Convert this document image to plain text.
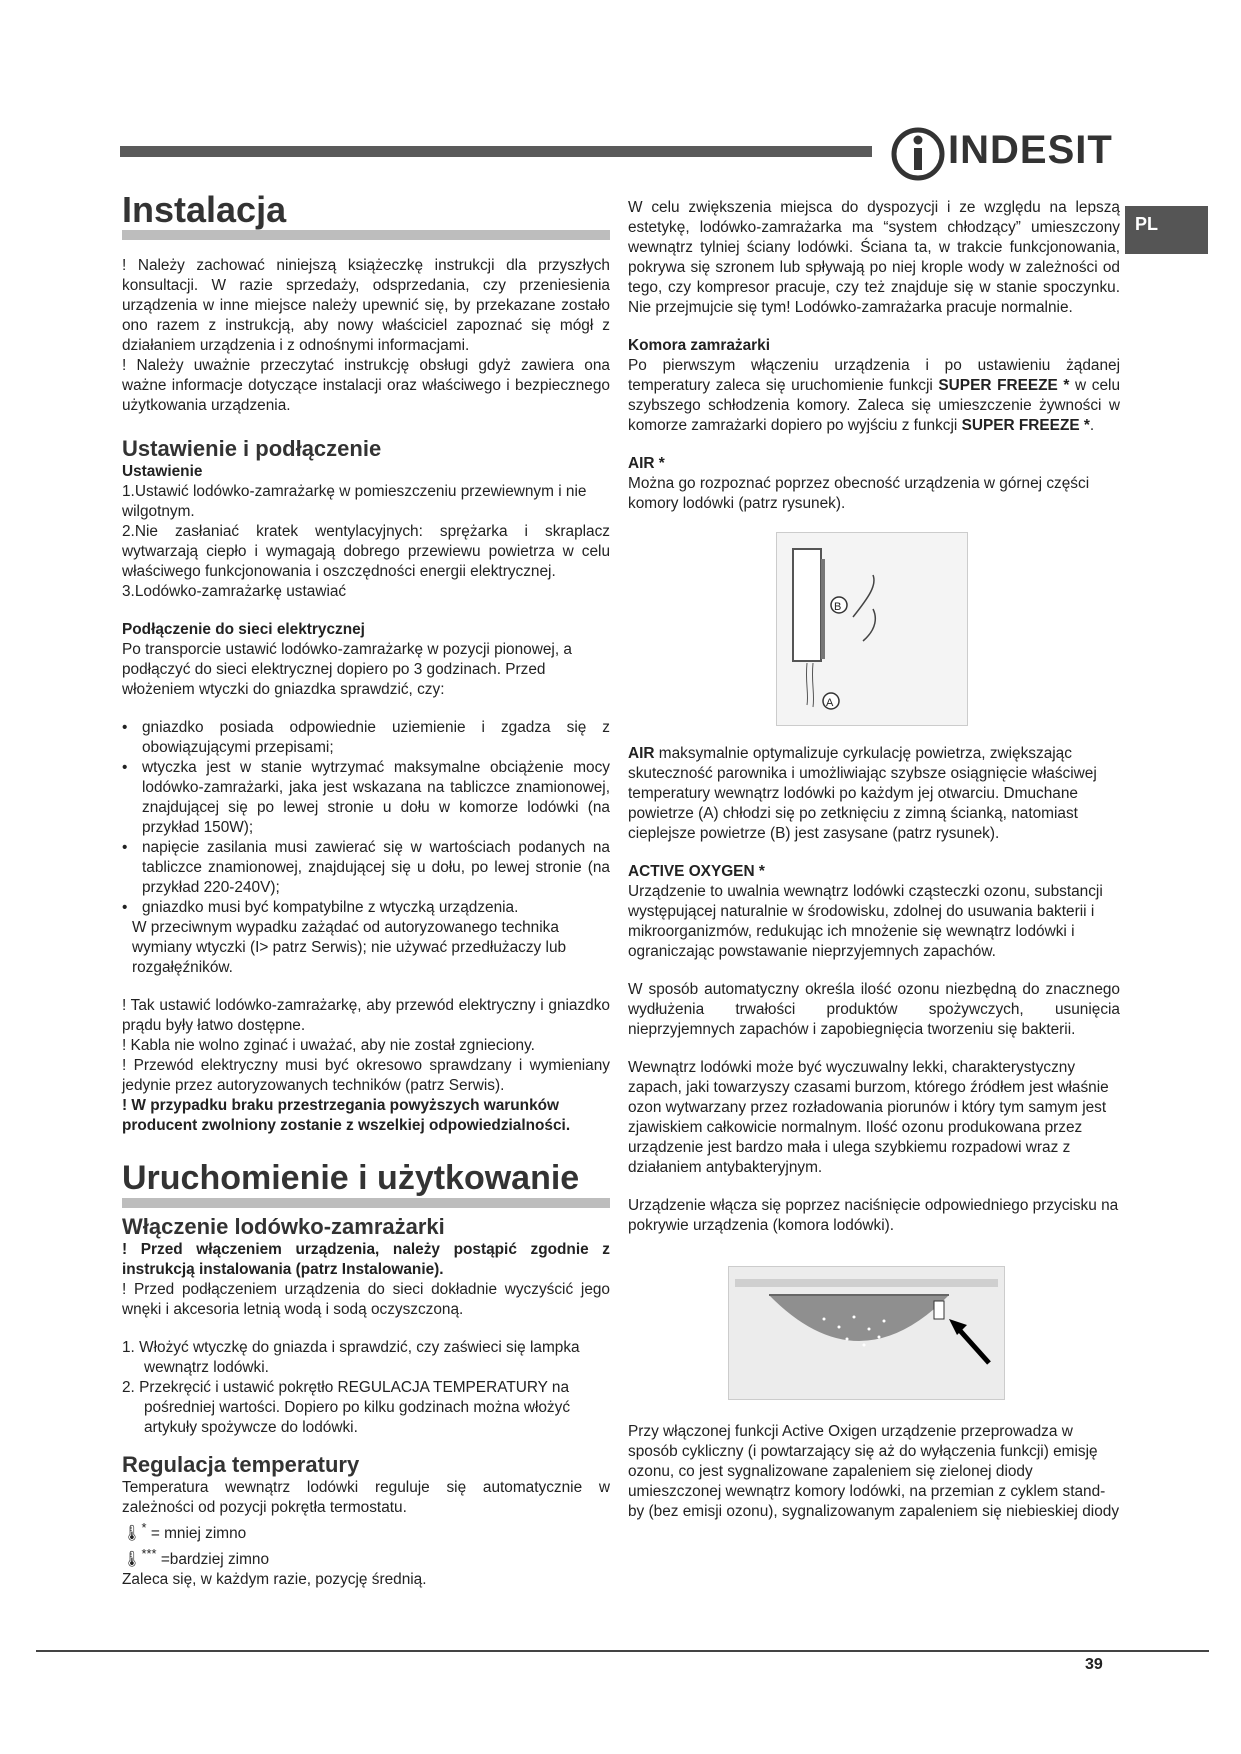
INDESIT
PL
Instalacja

! Należy zachować niniejszą książeczkę instrukcji dla przyszłych konsultacji. W razie sprzedaży, odsprzedania, czy przeniesienia urządzenia w inne miejsce należy upewnić się, by przekazane zostało ono razem z instrukcją, aby nowy właściciel zapoznać się mógł z działaniem urządzenia i z odnośnymi informacjami.

! Należy uważnie przeczytać instrukcję obsługi gdyż zawiera ona ważne informacje dotyczące instalacji oraz właściwego i bezpiecznego użytkowania urządzenia.

Ustawienie i podłączenie

Ustawienie

1.Ustawić lodówko-zamrażarkę w pomieszczeniu przewiewnym i nie wilgotnym.

2.Nie zasłaniać kratek wentylacyjnych: sprężarka i skraplacz wytwarzają ciepło i wymagają dobrego przewiewu powietrza w celu właściwego funkcjonowania i oszczędności energii elektrycznej.

3.Lodówko-zamrażarkę ustawiać

Podłączenie do sieci elektrycznej

Po transporcie ustawić lodówko-zamrażarkę w pozycji pionowej, a podłączyć do sieci elektrycznej dopiero po 3 godzinach. Przed włożeniem wtyczki do gniazdka sprawdzić, czy:

• gniazdko posiada odpowiednie uziemienie i zgadza się z obowiązującymi przepisami;
• wtyczka jest w stanie wytrzymać maksymalne obciążenie mocy lodówko-zamrażarki, jaka jest wskazana na tabliczce znamionowej, znajdującej się po lewej stronie u dołu w komorze lodówki (na przykład 150W);
• napięcie zasilania musi zawierać się w wartościach podanych na tabliczce znamionowej, znajdującej się u dołu, po lewej stronie (na przykład 220-240V);
• gniazdko musi być kompatybilne z wtyczką urządzenia.

W przeciwnym wypadku zażądać od autoryzowanego technika wymiany wtyczki (I> patrz Serwis); nie używać przedłużaczy lub rozgałęźników.

! Tak ustawić lodówko-zamrażarkę, aby przewód elektryczny i gniazdko prądu były łatwo dostępne.

! Kabla nie wolno zginać i uważać, aby nie został zgnieciony.

! Przewód elektryczny musi być okresowo sprawdzany i wymieniany jedynie przez autoryzowanych techników (patrz Serwis).

! W przypadku braku przestrzegania powyższych warunków producent zwolniony zostanie z wszelkiej odpowiedzialności.

Uruchomienie i użytkowanie
Włączenie lodówko-zamrażarki

! Przed włączeniem urządzenia, należy postąpić zgodnie z instrukcją instalowania (patrz Instalowanie).

! Przed podłączeniem urządzenia do sieci dokładnie wyczyścić jego wnęki i akcesoria letnią wodą i sodą oczyszczoną.

1. Włożyć wtyczkę do gniazda i sprawdzić, czy zaświeci się lampka wewnątrz lodówki.
2. Przekręcić i ustawić pokrętło REGULACJA TEMPERATURY na pośredniej wartości. Dopiero po kilku godzinach można włożyć artykuły spożywcze do lodówki.
Regulacja temperatury

Temperatura wewnątrz lodówki reguluje się automatycznie w zależności od pozycji pokrętła termostatu.

🌡* = mniej zimno

🌡*** =bardziej zimno

Zaleca się, w każdym razie, pozycję średnią.

W celu zwiększenia miejsca do dyspozycji i ze względu na lepszą estetykę, lodówko-zamrażarka ma “system chłodzący” umieszczony wewnątrz tylniej ściany lodówki. Ściana ta, w trakcie funkcjonowania, pokrywa się szronem lub spływają po niej krople wody w zależności od tego, czy kompresor pracuje, czy też znajduje się w stanie spoczynku. Nie przejmujcie się tym! Lodówko-zamrażarka pracuje normalnie.

Komora zamrażarki

Po pierwszym włączeniu urządzenia i po ustawieniu żądanej temperatury zaleca się uruchomienie funkcji SUPER FREEZE * w celu szybszego schłodzenia komory. Zaleca się umieszczenie żywności w komorze zamrażarki dopiero po wyjściu z funkcji SUPER FREEZE *.

AIR *

Można go rozpoznać poprzez obecność urządzenia w górnej części komory lodówki (patrz rysunek).

B
A

AIR maksymalnie optymalizuje cyrkulację powietrza, zwiększając skuteczność parownika i umożliwiając szybsze osiągnięcie właściwej temperatury wewnątrz lodówki po każdym jej otwarciu. Dmuchane powietrze (A) chłodzi się po zetknięciu z zimną ścianką, natomiast cieplejsze powietrze (B) jest zasysane (patrz rysunek).

ACTIVE OXYGEN *

Urządzenie to uwalnia wewnątrz lodówki cząsteczki ozonu, substancji występującej naturalnie w środowisku, zdolnej do usuwania bakterii i mikroorganizmów, redukując ich mnożenie się wewnątrz lodówki i ograniczając powstawanie nieprzyjemnych zapachów.

W sposób automatyczny określa ilość ozonu niezbędną do znacznego wydłużenia trwałości produktów spożywczych, usunięcia nieprzyjemnych zapachów i zapobiegnięcia tworzeniu się bakterii.

Wewnątrz lodówki może być wyczuwalny lekki, charakterystyczny zapach, jaki towarzyszy czasami burzom, którego źródłem jest właśnie ozon wytwarzany przez rozładowania piorunów i który tym samym jest zjawiskiem całkowicie normalnym. Ilość ozonu produkowana przez urządzenie jest bardzo mała i ulega szybkiemu rozpadowi wraz z działaniem antybakteryjnym.

Urządzenie włącza się poprzez naciśnięcie odpowiedniego przycisku na pokrywie urządzenia (komora lodówki).

Przy włączonej funkcji Active Oxigen urządzenie przeprowadza w sposób cykliczny (i powtarzający się aż do wyłączenia funkcji) emisję ozonu, co jest sygnalizowane zapaleniem się zielonej diody umieszczonej wewnątrz komory lodówki, na przemian z cyklem stand-by (bez emisji ozonu), sygnalizowanym zapaleniem się niebieskiej diody

39
